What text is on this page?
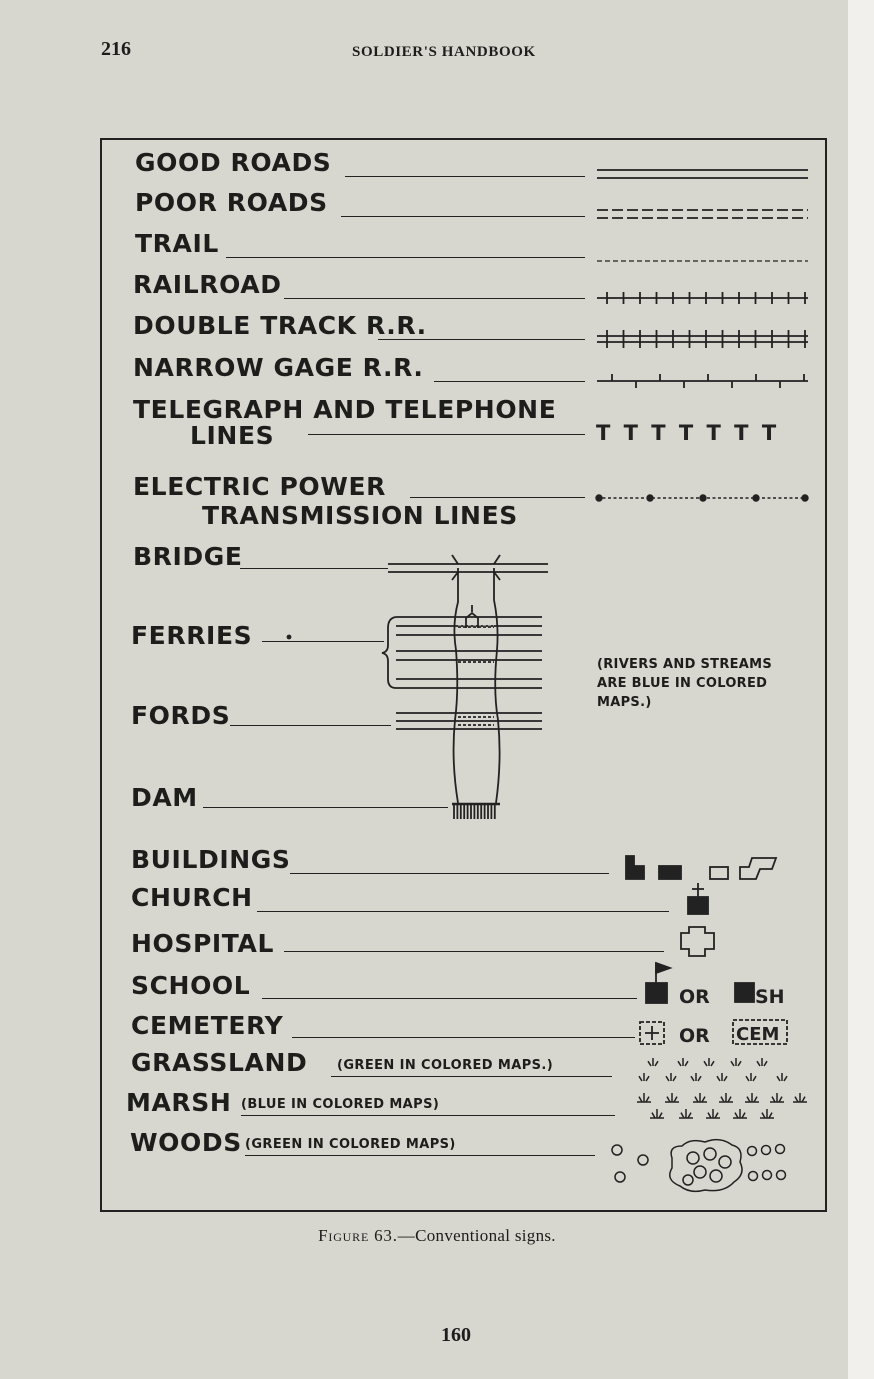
216	SOLDIER'S HANDBOOK
GOOD ROADS
POOR ROADS
TRAIL
RAILROAD
DOUBLE TRACK R.R.
NARROW GAGE R.R.
TELEGRAPH AND TELEPHONE
LINES
ELECTRIC POWER
TRANSMISSION LINES
BRIDGE
FERRIES
FORDS
DAM
(RIVERS AND STREAMS
ARE BLUE IN COLORED
MAPS.)
BUILDINGS
CHURCH
HOSPITAL
SCHOOL
CEMETERY
GRASSLAND (GREEN IN COLORED MAPS.)
MARSH (BLUE IN COLORED MAPS)
WOODS (GREEN IN COLORED MAPS)
T T T T T T T
OR SH
OR CEM
Figure 63.—Conventional signs.
160
